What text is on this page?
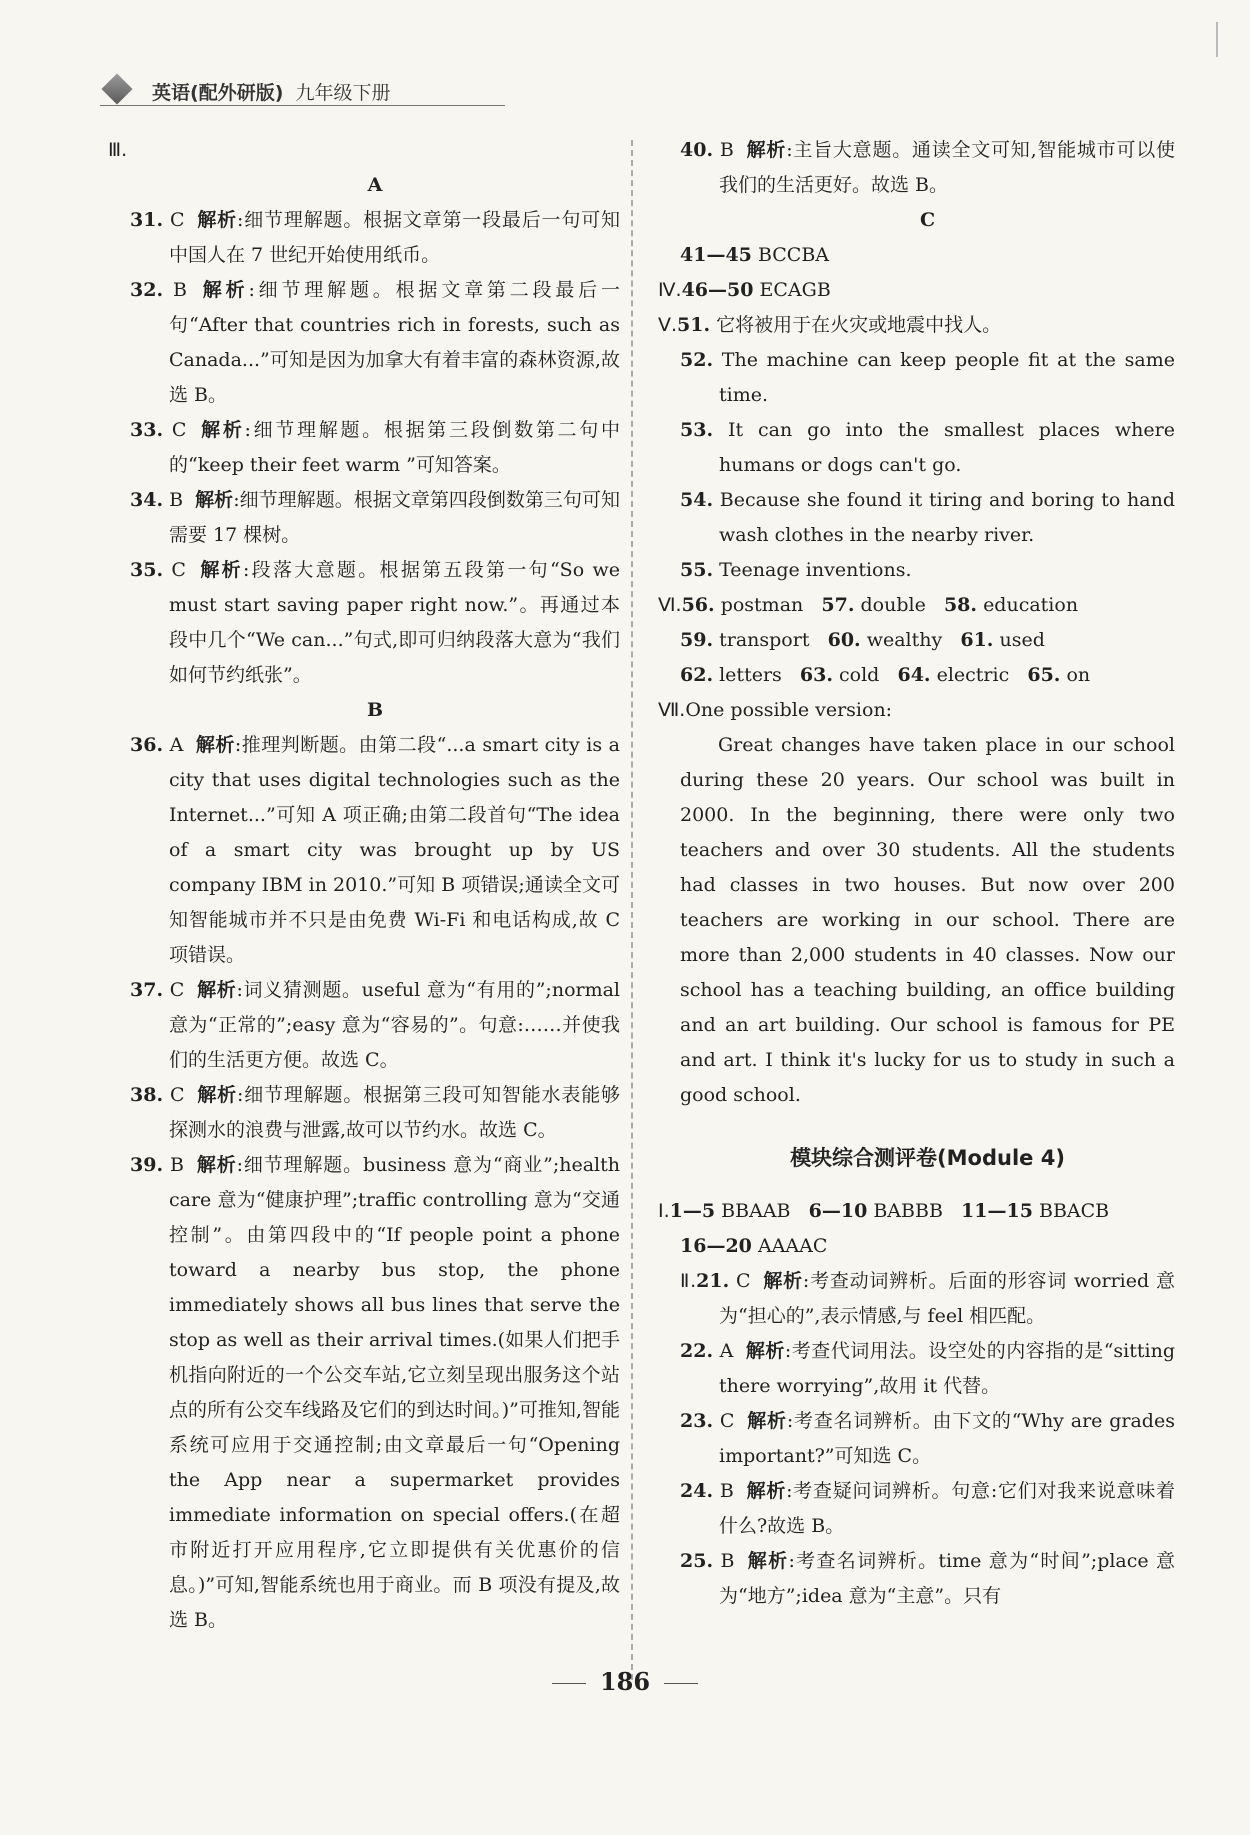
英语(配外研版) 九年级下册

Ⅲ.

A

31. C 解析:细节理解题。根据文章第一段最后一句可知中国人在 7 世纪开始使用纸币。

32. B 解析:细节理解题。根据文章第二段最后一句“After that countries rich in forests, such as Canada...”可知是因为加拿大有着丰富的森林资源,故选 B。

33. C 解析:细节理解题。根据第三段倒数第二句中的“keep their feet warm ”可知答案。

34. B 解析:细节理解题。根据文章第四段倒数第三句可知需要 17 棵树。

35. C 解析:段落大意题。根据第五段第一句“So we must start saving paper right now.”。再通过本段中几个“We can...”句式,即可归纳段落大意为“我们如何节约纸张”。

B

36. A 解析:推理判断题。由第二段“...a smart city is a city that uses digital technologies such as the Internet...”可知 A 项正确;由第二段首句“The idea of a smart city was brought up by US company IBM in 2010.”可知 B 项错误;通读全文可知智能城市并不只是由免费 Wi-Fi 和电话构成,故 C 项错误。

37. C 解析:词义猜测题。useful 意为“有用的”;normal 意为“正常的”;easy 意为“容易的”。句意:……并使我们的生活更方便。故选 C。

38. C 解析:细节理解题。根据第三段可知智能水表能够探测水的浪费与泄露,故可以节约水。故选 C。

39. B 解析:细节理解题。business 意为“商业”;health care 意为“健康护理”;traffic controlling 意为“交通控制”。由第四段中的“If people point a phone toward a nearby bus stop, the phone immediately shows all bus lines that serve the stop as well as their arrival times.(如果人们把手机指向附近的一个公交车站,它立刻呈现出服务这个站点的所有公交车线路及它们的到达时间。)”可推知,智能系统可应用于交通控制;由文章最后一句“Opening the App near a supermarket provides immediate information on special offers.(在超市附近打开应用程序,它立即提供有关优惠价的信息。)”可知,智能系统也用于商业。而 B 项没有提及,故选 B。

40. B 解析:主旨大意题。通读全文可知,智能城市可以使我们的生活更好。故选 B。

C

41—45 BCCBA

Ⅳ.46—50 ECAGB

Ⅴ.51. 它将被用于在火灾或地震中找人。

52. The machine can keep people fit at the same time.

53. It can go into the smallest places where humans or dogs can't go.

54. Because she found it tiring and boring to hand wash clothes in the nearby river.

55. Teenage inventions.

Ⅵ.56. postman 57. double 58. education

59. transport 60. wealthy 61. used

62. letters 63. cold 64. electric 65. on

Ⅶ.One possible version:

Great changes have taken place in our school during these 20 years. Our school was built in 2000. In the beginning, there were only two teachers and over 30 students. All the students had classes in two houses. But now over 200 teachers are working in our school. There are more than 2,000 students in 40 classes. Now our school has a teaching building, an office building and an art building. Our school is famous for PE and art. I think it's lucky for us to study in such a good school.

模块综合测评卷(Module 4)

Ⅰ.1—5 BBAAB 6—10 BABBB 11—15 BBACB

16—20 AAAAC

Ⅱ.21. C 解析:考查动词辨析。后面的形容词 worried 意为“担心的”,表示情感,与 feel 相匹配。

22. A 解析:考查代词用法。设空处的内容指的是“sitting there worrying”,故用 it 代替。

23. C 解析:考查名词辨析。由下文的“Why are grades important?”可知选 C。

24. B 解析:考查疑问词辨析。句意:它们对我来说意味着什么?故选 B。

25. B 解析:考查名词辨析。time 意为“时间”;place 意为“地方”;idea 意为“主意”。只有

186
